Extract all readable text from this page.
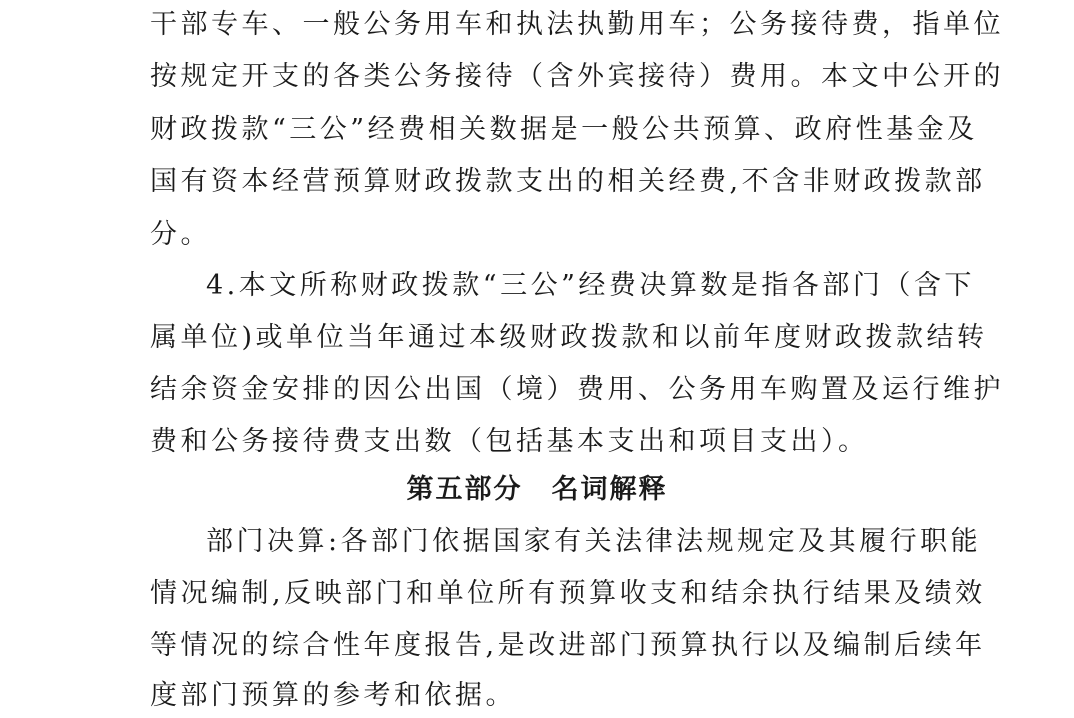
干部专车、一般公务用车和执法执勤用车；公务接待费，指单位
按规定开支的各类公务接待（含外宾接待）费用。本文中公开的
财政拨款“三公”经费相关数据是一般公共预算、政府性基金及
国有资本经营预算财政拨款支出的相关经费,不含非财政拨款部
分。
4.本文所称财政拨款“三公”经费决算数是指各部门（含下
属单位)或单位当年通过本级财政拨款和以前年度财政拨款结转
结余资金安排的因公出国（境）费用、公务用车购置及运行维护
费和公务接待费支出数（包括基本支出和项目支出）。
第五部分　名词解释
部门决算:各部门依据国家有关法律法规规定及其履行职能
情况编制,反映部门和单位所有预算收支和结余执行结果及绩效
等情况的综合性年度报告,是改进部门预算执行以及编制后续年
度部门预算的参考和依据。
